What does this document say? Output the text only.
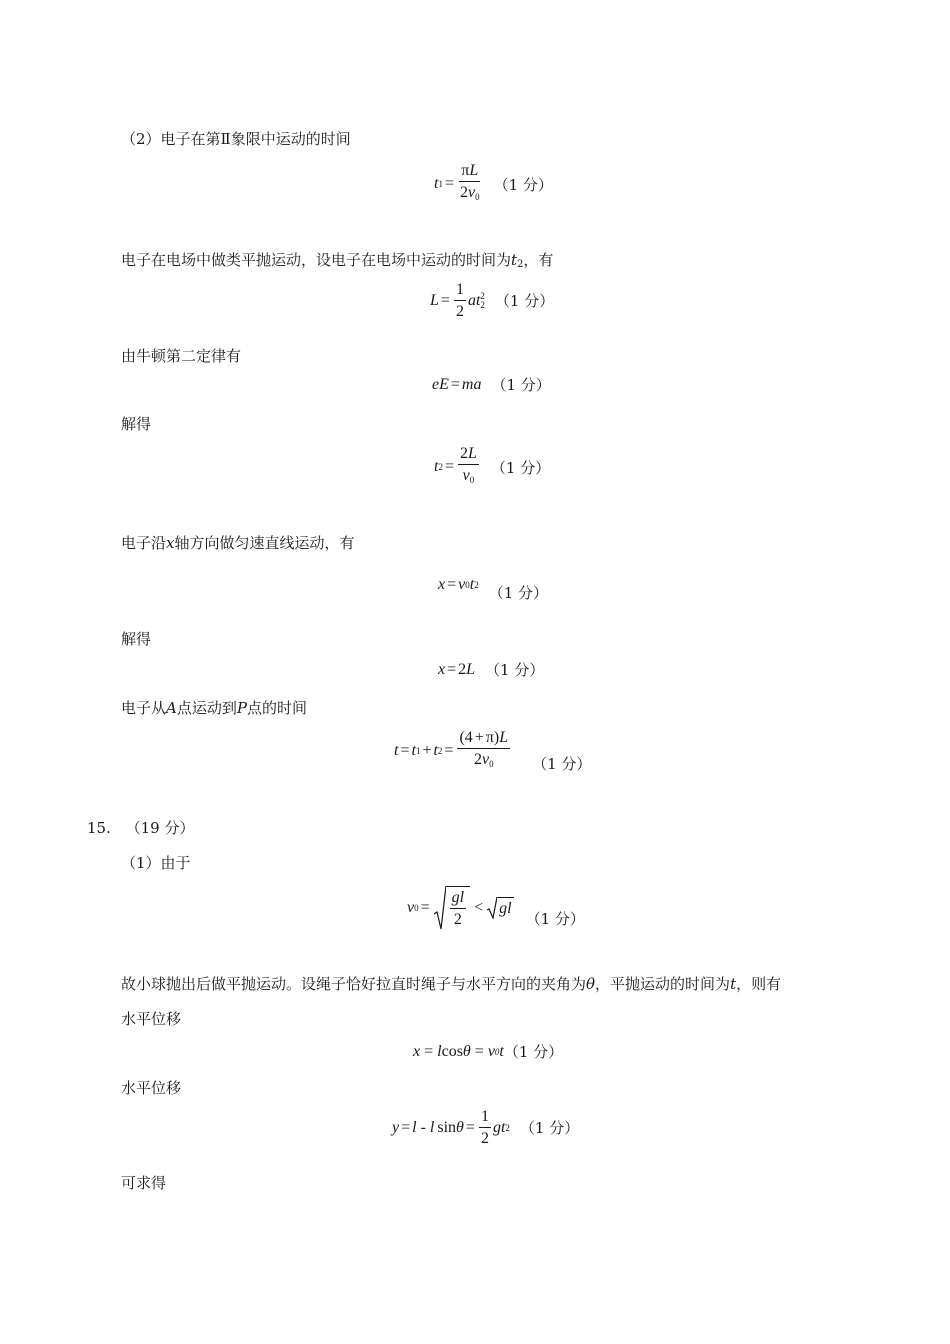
（2）电子在第Ⅱ象限中运动的时间
t $1 = \frac{\pi L}{2v_0} (1$ 分）
电子在电场中做类平抛运动，设电子在电场中运动的时间为t2，有
$L = \frac{1}{2}$ a t 2
2 （1 分）
由牛顿第二定律有
e E = m a （1 分）
解得
t $2 = \frac{2L}{v_0} (1$ 分）
电子沿x轴方向做匀速直线运动，有
x = v 0 t 2 （1 分）
解得
x = 2 L （1 分）
电子从A点运动到P点的时间
t = t 1 + t $2 = \frac{(4 + \pi)L}{2v_0} (1$ 分）
15. （19 分）
（1）由于
v $0 = \frac{gl}{2}$ < gl
（1 分）
故小球抛出后做平抛运动。设绳子恰好拉直时绳子与水平方向的夹角为θ，平抛运动的时间为t，则有
水平位移
x = l cos θ = v 0 t （1 分）
水平位移
y = l - l $\sin \theta = \frac{1}{2}$ g t 2 （1 分）
可求得
